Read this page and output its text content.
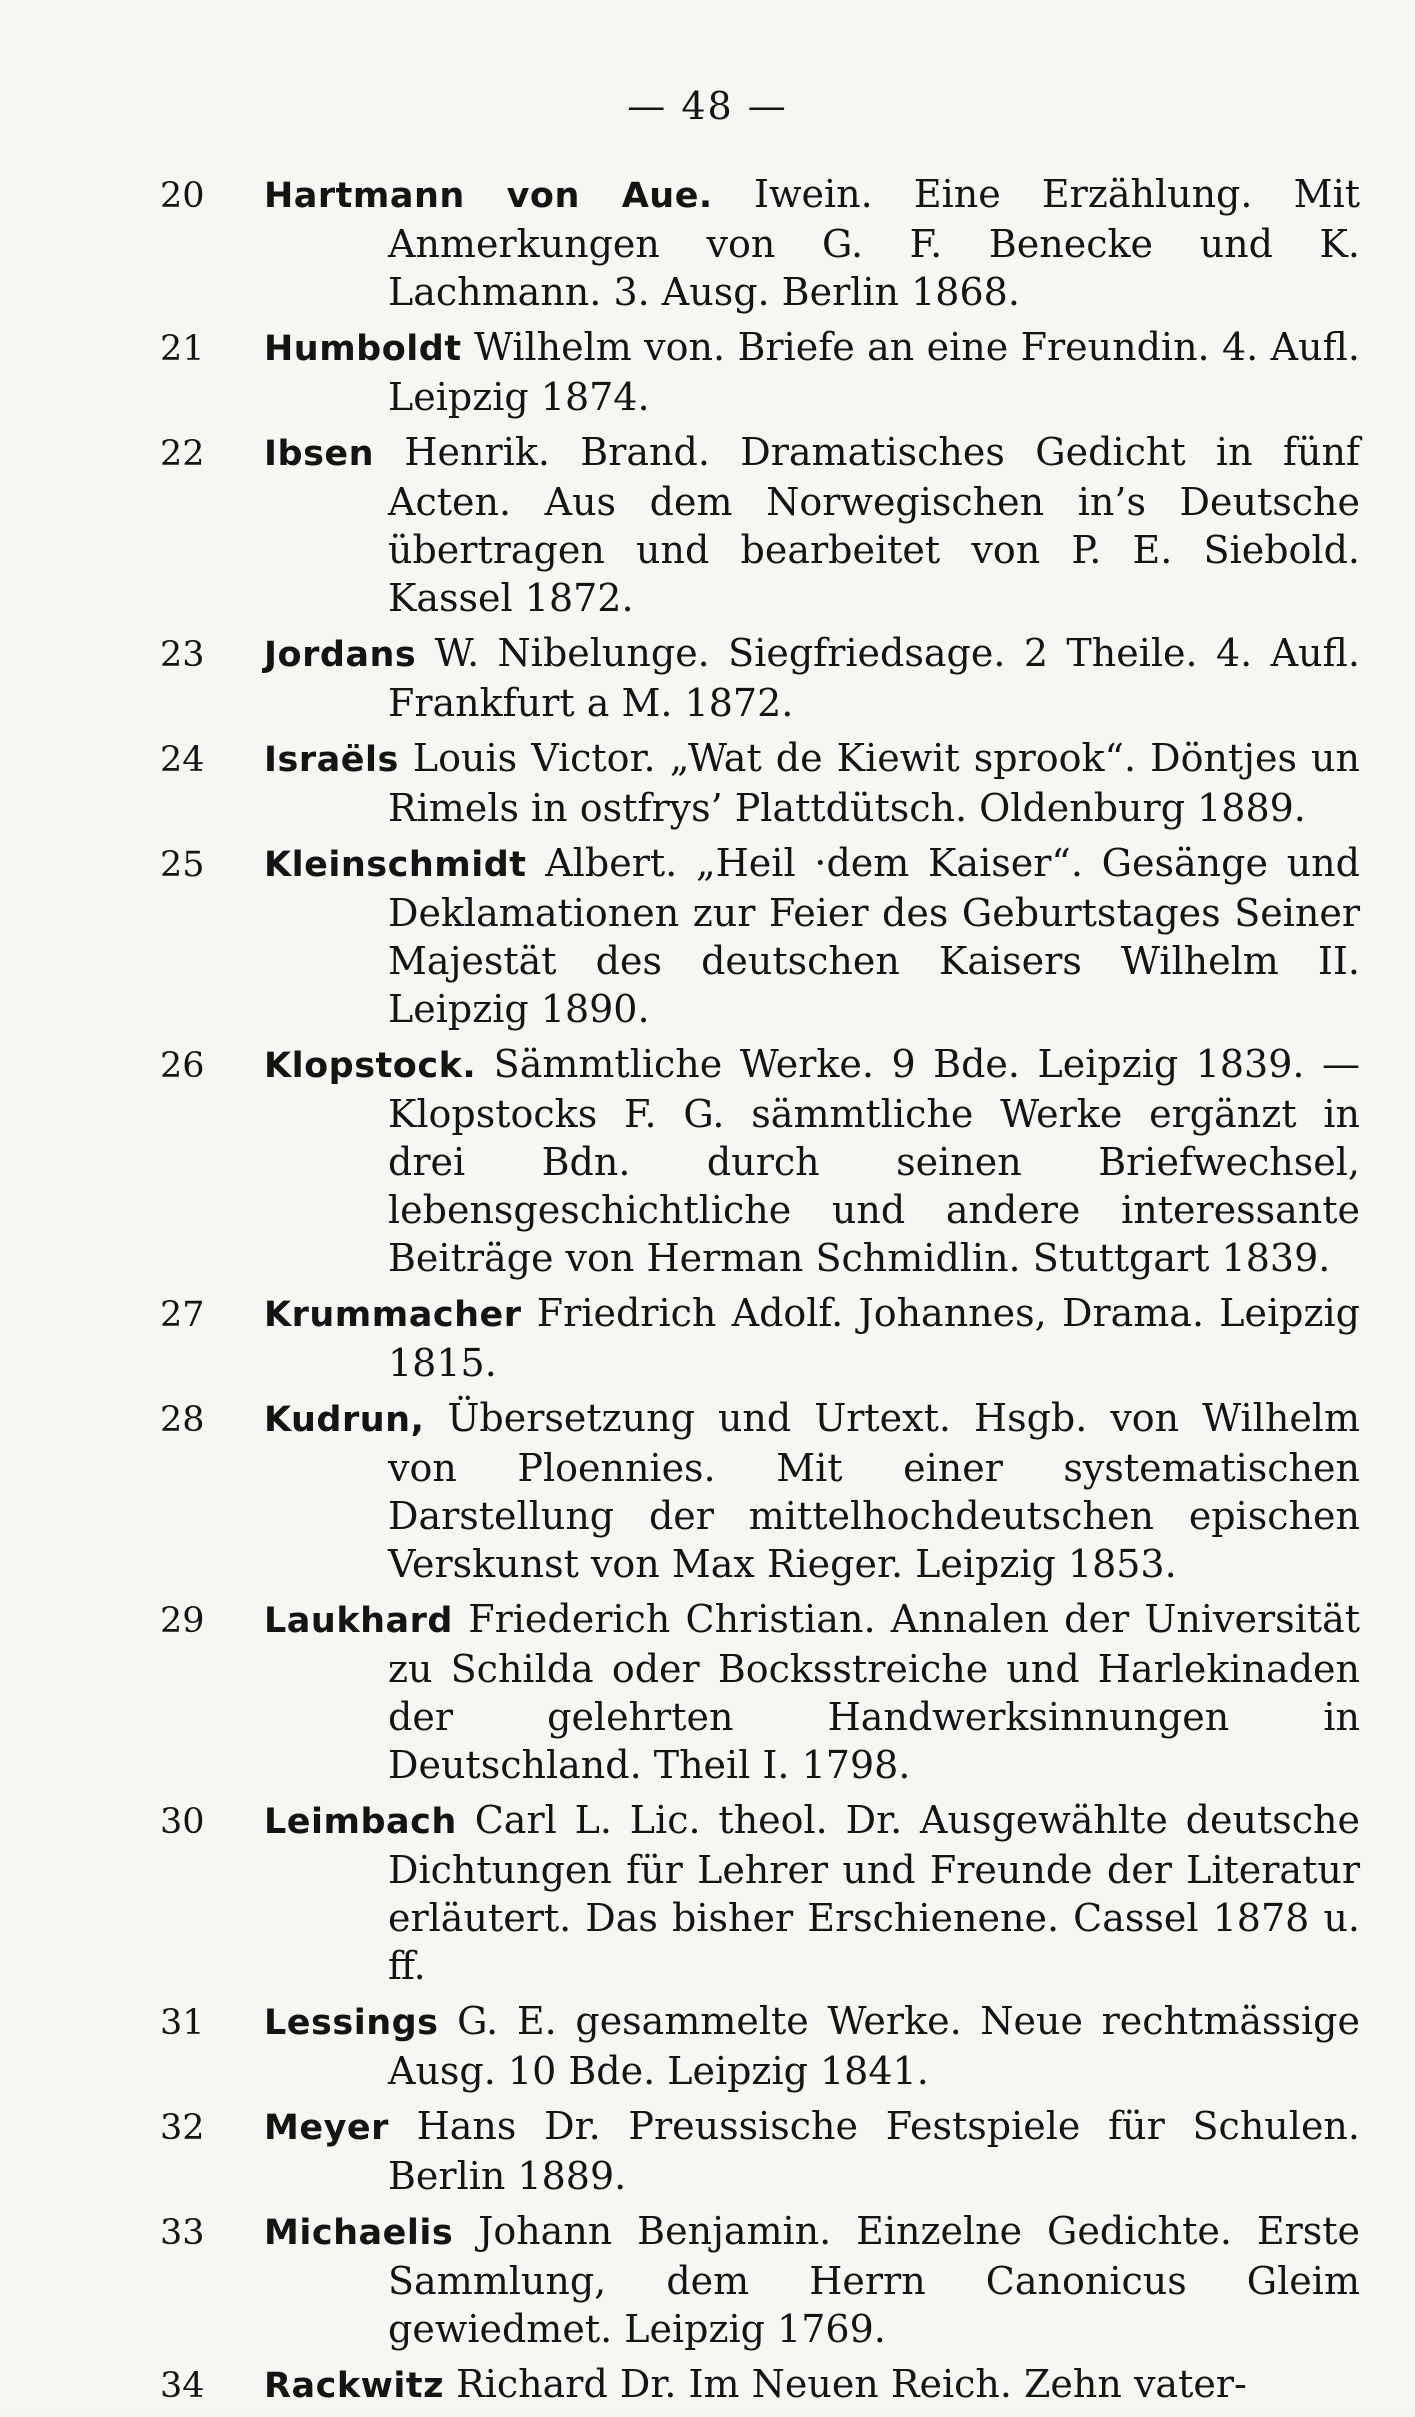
— 48 —
20 Hartmann von Aue. Iwein. Eine Erzählung. Mit Anmerkungen von G. F. Benecke und K. Lachmann. 3. Ausg. Berlin 1868.
21 Humboldt Wilhelm von. Briefe an eine Freundin. 4. Aufl. Leipzig 1874.
22 Ibsen Henrik. Brand. Dramatisches Gedicht in fünf Acten. Aus dem Norwegischen in’s Deutsche übertragen und bearbeitet von P. E. Siebold. Kassel 1872.
23 Jordans W. Nibelunge. Siegfriedsage. 2 Theile. 4. Aufl. Frankfurt a M. 1872.
24 Israëls Louis Victor. „Wat de Kiewit sprook“. Döntjes un Rimels in ostfrys’ Plattdütsch. Oldenburg 1889.
25 Kleinschmidt Albert. „Heil ·dem Kaiser“. Gesänge und Deklamationen zur Feier des Geburtstages Seiner Majestät des deutschen Kaisers Wilhelm II. Leipzig 1890.
26 Klopstock. Sämmtliche Werke. 9 Bde. Leipzig 1839. — Klopstocks F. G. sämmtliche Werke ergänzt in drei Bdn. durch seinen Briefwechsel, lebensgeschichtliche und andere interessante Beiträge von Herman Schmidlin. Stuttgart 1839.
27 Krummacher Friedrich Adolf. Johannes, Drama. Leipzig 1815.
28 Kudrun, Übersetzung und Urtext. Hsgb. von Wilhelm von Ploennies. Mit einer systematischen Darstellung der mittelhochdeutschen epischen Verskunst von Max Rieger. Leipzig 1853.
29 Laukhard Friederich Christian. Annalen der Universität zu Schilda oder Bocksstreiche und Harlekinaden der gelehrten Handwerksinnungen in Deutschland. Theil I. 1798.
30 Leimbach Carl L. Lic. theol. Dr. Ausgewählte deutsche Dichtungen für Lehrer und Freunde der Literatur erläutert. Das bisher Erschienene. Cassel 1878 u. ff.
31 Lessings G. E. gesammelte Werke. Neue rechtmässige Ausg. 10 Bde. Leipzig 1841.
32 Meyer Hans Dr. Preussische Festspiele für Schulen. Berlin 1889.
33 Michaelis Johann Benjamin. Einzelne Gedichte. Erste Sammlung, dem Herrn Canonicus Gleim gewiedmet. Leipzig 1769.
34 Rackwitz Richard Dr. Im Neuen Reich. Zehn vater-
